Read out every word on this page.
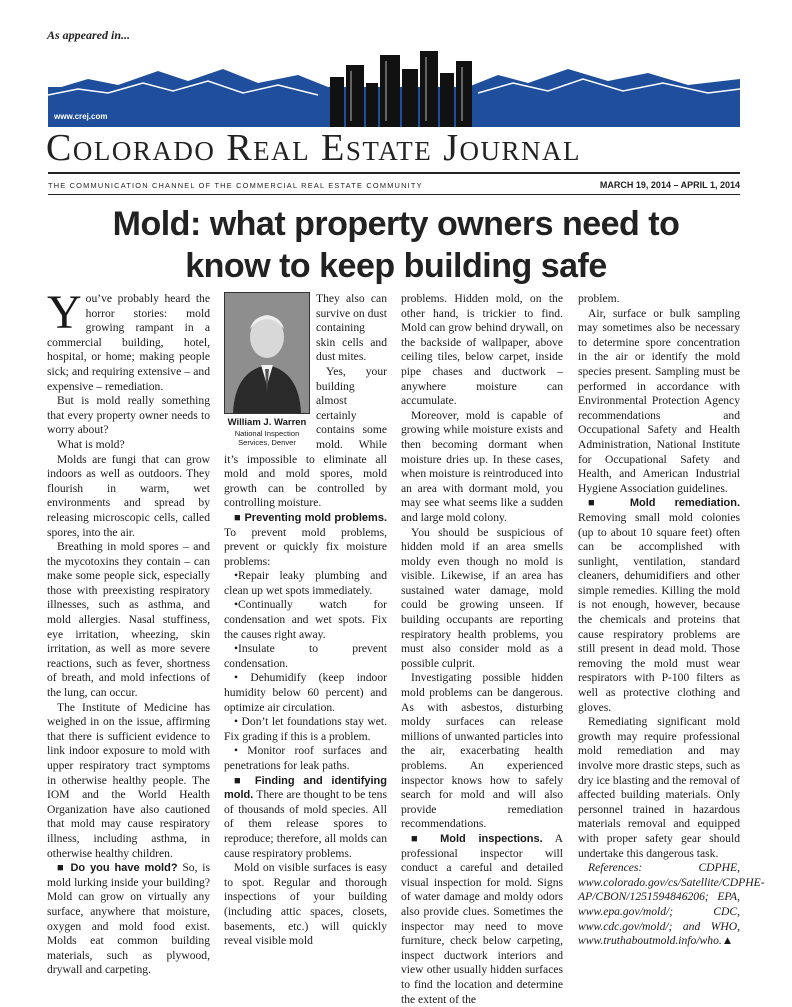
As appeared in...
www.crej.com
Colorado Real Estate Journal
THE COMMUNICATION CHANNEL OF THE COMMERCIAL REAL ESTATE COMMUNITY	MARCH 19, 2014 – APRIL 1, 2014
Mold: what property owners need to
know to keep building safe

You’ve probably heard the horror stories: mold growing rampant in a commercial building, hotel, hospital, or home; making people sick; and requiring extensive – and expensive – remediation.

But is mold really something that every property owner needs to worry about?

What is mold?

Molds are fungi that can grow indoors as well as outdoors. They flourish in warm, wet environments and spread by releasing microscopic cells, called spores, into the air.

Breathing in mold spores – and the mycotoxins they contain – can make some people sick, especially those with preexisting respiratory illnesses, such as asthma, and mold allergies. Nasal stuffiness, eye irritation, wheezing, skin irritation, as well as more severe reactions, such as fever, shortness of breath, and mold infections of the lung, can occur.

The Institute of Medicine has weighed in on the issue, affirming that there is sufficient evidence to link indoor exposure to mold with upper respiratory tract symptoms in otherwise healthy people. The IOM and the World Health Organization have also cautioned that mold may cause respiratory illness, including asthma, in otherwise healthy children.

■ Do you have mold? So, is mold lurking inside your building? Mold can grow on virtually any surface, anywhere that moisture, oxygen and mold food exist. Molds eat common building materials, such as plywood, drywall and carpeting.

William J. Warren
National Inspection
Services, Denver

They also can survive on dust containing skin cells and dust mites.

Yes, your building almost certainly contains some mold. While it’s impossible to eliminate all mold and mold spores, mold growth can be controlled by controlling moisture.

■ Preventing mold problems. To prevent mold problems, prevent or quickly fix moisture problems:

•Repair leaky plumbing and clean up wet spots immediately.

•Continually watch for condensation and wet spots. Fix the causes right away.

•Insulate to prevent condensation.

• Dehumidify (keep indoor humidity below 60 percent) and optimize air circulation.

• Don’t let foundations stay wet. Fix grading if this is a problem.

• Monitor roof surfaces and penetrations for leak paths.

■ Finding and identifying mold. There are thought to be tens of thousands of mold species. All of them release spores to reproduce; therefore, all molds can cause respiratory problems.

Mold on visible surfaces is easy to spot. Regular and thorough inspections of your building (including attic spaces, closets, basements, etc.) will quickly reveal visible mold

problems. Hidden mold, on the other hand, is trickier to find. Mold can grow behind drywall, on the backside of wallpaper, above ceiling tiles, below carpet, inside pipe chases and ductwork – anywhere moisture can accumulate.

Moreover, mold is capable of growing while moisture exists and then becoming dormant when moisture dries up. In these cases, when moisture is reintroduced into an area with dormant mold, you may see what seems like a sudden and large mold colony.

You should be suspicious of hidden mold if an area smells moldy even though no mold is visible. Likewise, if an area has sustained water damage, mold could be growing unseen. If building occupants are reporting respiratory health problems, you must also consider mold as a possible culprit.

Investigating possible hidden mold problems can be dangerous. As with asbestos, disturbing moldy surfaces can release millions of unwanted particles into the air, exacerbating health problems. An experienced inspector knows how to safely search for mold and will also provide remediation recommendations.

■ Mold inspections. A professional inspector will conduct a careful and detailed visual inspection for mold. Signs of water damage and moldy odors also provide clues. Sometimes the inspector may need to move furniture, check below carpeting, inspect ductwork interiors and view other usually hidden surfaces to find the location and determine the extent of the

problem.

Air, surface or bulk sampling may sometimes also be necessary to determine spore concentration in the air or identify the mold species present. Sampling must be performed in accordance with Environmental Protection Agency recommendations and Occupational Safety and Health Administration, National Institute for Occupational Safety and Health, and American Industrial Hygiene Association guidelines.

■ Mold remediation. Removing small mold colonies (up to about 10 square feet) often can be accomplished with sunlight, ventilation, standard cleaners, dehumidifiers and other simple remedies. Killing the mold is not enough, however, because the chemicals and proteins that cause respiratory problems are still present in dead mold. Those removing the mold must wear respirators with P-100 filters as well as protective clothing and gloves.

Remediating significant mold growth may require professional mold remediation and may involve more drastic steps, such as dry ice blasting and the removal of affected building materials. Only personnel trained in hazardous materials removal and equipped with proper safety gear should undertake this dangerous task.

References: CDPHE, www.colorado.gov/cs/Satellite/CDPHE-AP/CBON/1251594846206; EPA, www.epa.gov/mold/; CDC, www.cdc.gov/mold/; and WHO, www.truthaboutmold.info/who.▲
